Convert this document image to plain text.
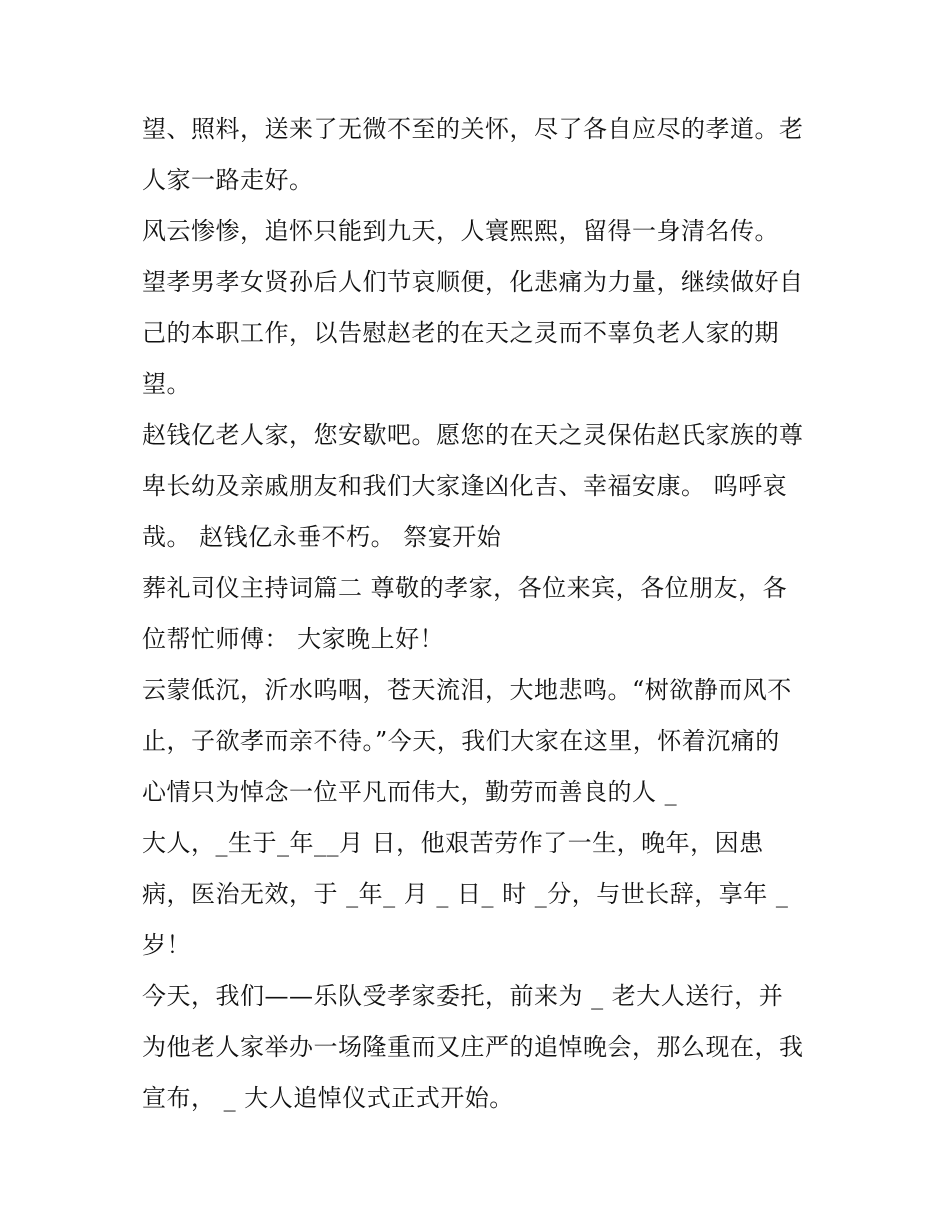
望、照料，送来了无微不至的关怀，尽了各自应尽的孝道。老
人家一路走好。
风云惨惨，追怀只能到九天，人寰熙熙，留得一身清名传。
望孝男孝女贤孙后人们节哀顺便，化悲痛为力量，继续做好自
己的本职工作，以告慰赵老的在天之灵而不辜负老人家的期
望。
赵钱亿老人家，您安歇吧。愿您的在天之灵保佑赵氏家族的尊
卑长幼及亲戚朋友和我们大家逢凶化吉、幸福安康。 呜呼哀
哉。 赵钱亿永垂不朽。 祭宴开始
葬礼司仪主持词篇二 尊敬的孝家，各位来宾，各位朋友，各
位帮忙师傅： 大家晚上好！
云蒙低沉，沂水呜咽，苍天流泪，大地悲鸣。“树欲静而风不
止，子欲孝而亲不待。”今天，我们大家在这里，怀着沉痛的
心情只为悼念一位平凡而伟大，勤劳而善良的人 _
大人，_生于_年__月 日，他艰苦劳作了一生，晚年，因患
病，医治无效，于 _年_ 月 _ 日_ 时 _分，与世长辞，享年 _
岁！
今天，我们——乐队受孝家委托，前来为 _ 老大人送行，并
为他老人家举办一场隆重而又庄严的追悼晚会，那么现在，我
宣布， _ 大人追悼仪式正式开始。
